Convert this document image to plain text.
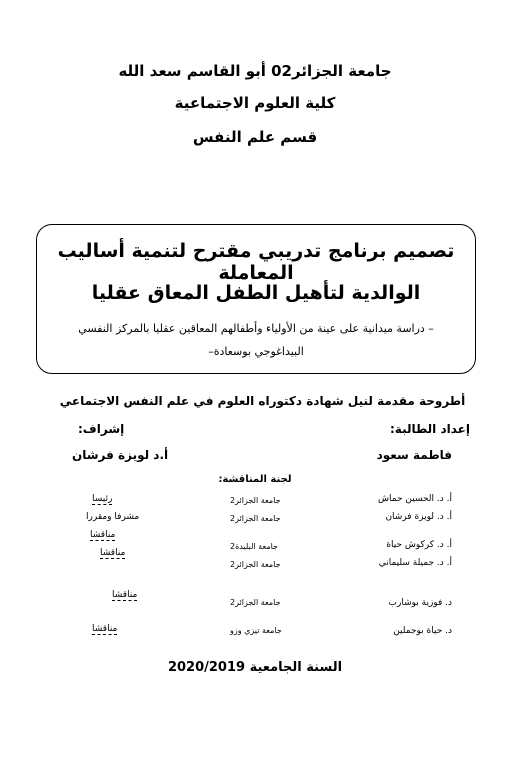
جامعة الجزائر02 أبو القاسم سعد الله
كلية العلوم الاجتماعية
قسم علم النفس
تصميم برنامج تدريبي مقترح لتنمية أساليب المعاملة
الوالدية لتأهيل الطفل المعاق عقليا
– دراسة ميدانية على عينة من الأولياء وأطفالهم المعاقين عقليا بالمركز النفسي
البيداغوجي بوسعادة–
أطروحة مقدمة لنيل شهادة دكتوراه العلوم في علم النفس الاجتماعي
إعداد الطالبة:
إشراف:
فاطمة سعود
أ.د لويزة فرشان
لجنة المناقشة:
أ. د. الحسين حماش
جامعة الجزائر2
رئيسا
أ. د. لويزة فرشان
جامعة الجزائر2
مشرفا ومقررا
أ. د. كركوش حياة
جامعة البليدة2
مناقشا
أ. د. جميلة سليماني
جامعة الجزائر2
مناقشا
د. فوزية بوشارب
جامعة الجزائر2
مناقشا
د. حياة بوجملين
جامعة تيزي وزو
مناقشا
السنة الجامعية 2020/2019
